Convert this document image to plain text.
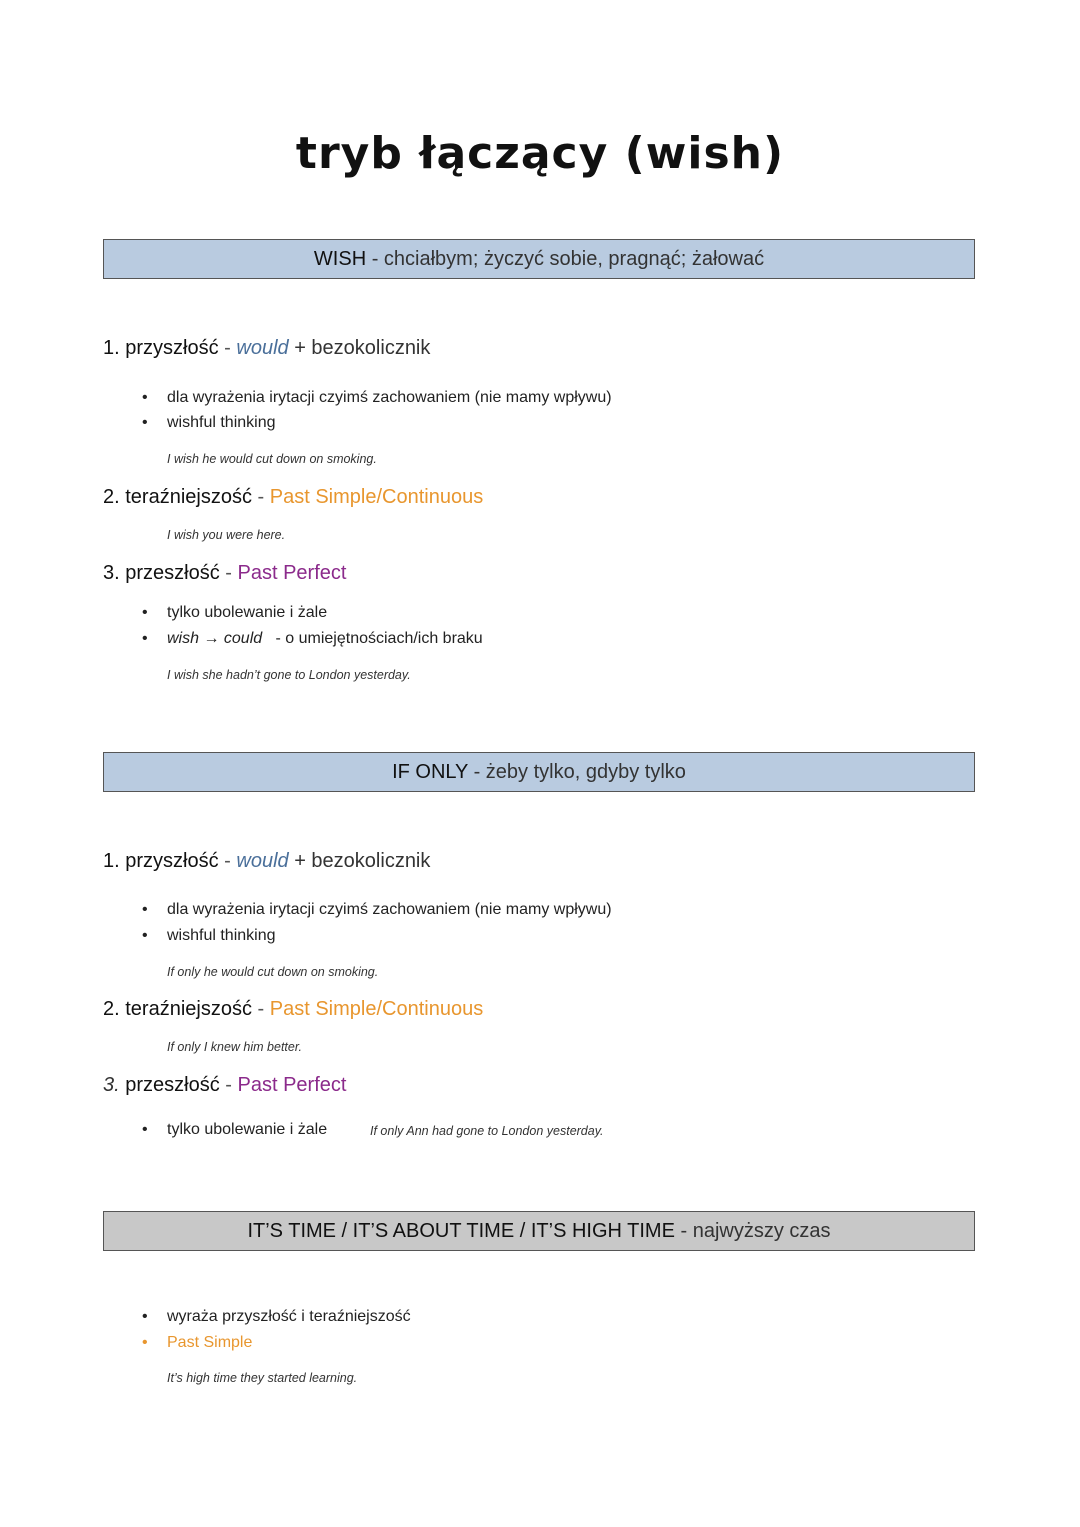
tryb łączący (wish)
WISH - chciałbym; życzyć sobie, pragnąć; żałować
1. przyszłość - would + bezokolicznik
• dla wyrażenia irytacji czyimś zachowaniem (nie mamy wpływu)
• wishful thinking
I wish he would cut down on smoking.
2. teraźniejszość - Past Simple/Continuous
I wish you were here.
3. przeszłość - Past Perfect
• tylko ubolewanie i żale
• wish → could   - o umiejętnościach/ich braku
I wish she hadn’t gone to London yesterday.
IF ONLY - żeby tylko, gdyby tylko
1. przyszłość - would + bezokolicznik
• dla wyrażenia irytacji czyimś zachowaniem (nie mamy wpływu)
• wishful thinking
If only he would cut down on smoking.
2. teraźniejszość - Past Simple/Continuous
If only I knew him better.
3. przeszłość - Past Perfect
• tylko ubolewanie i żale	If only Ann had gone to London yesterday.
IT’S TIME / IT’S ABOUT TIME / IT’S HIGH TIME - najwyższy czas
• wyraża przyszłość i teraźniejszość
• Past Simple
It’s high time they started learning.
